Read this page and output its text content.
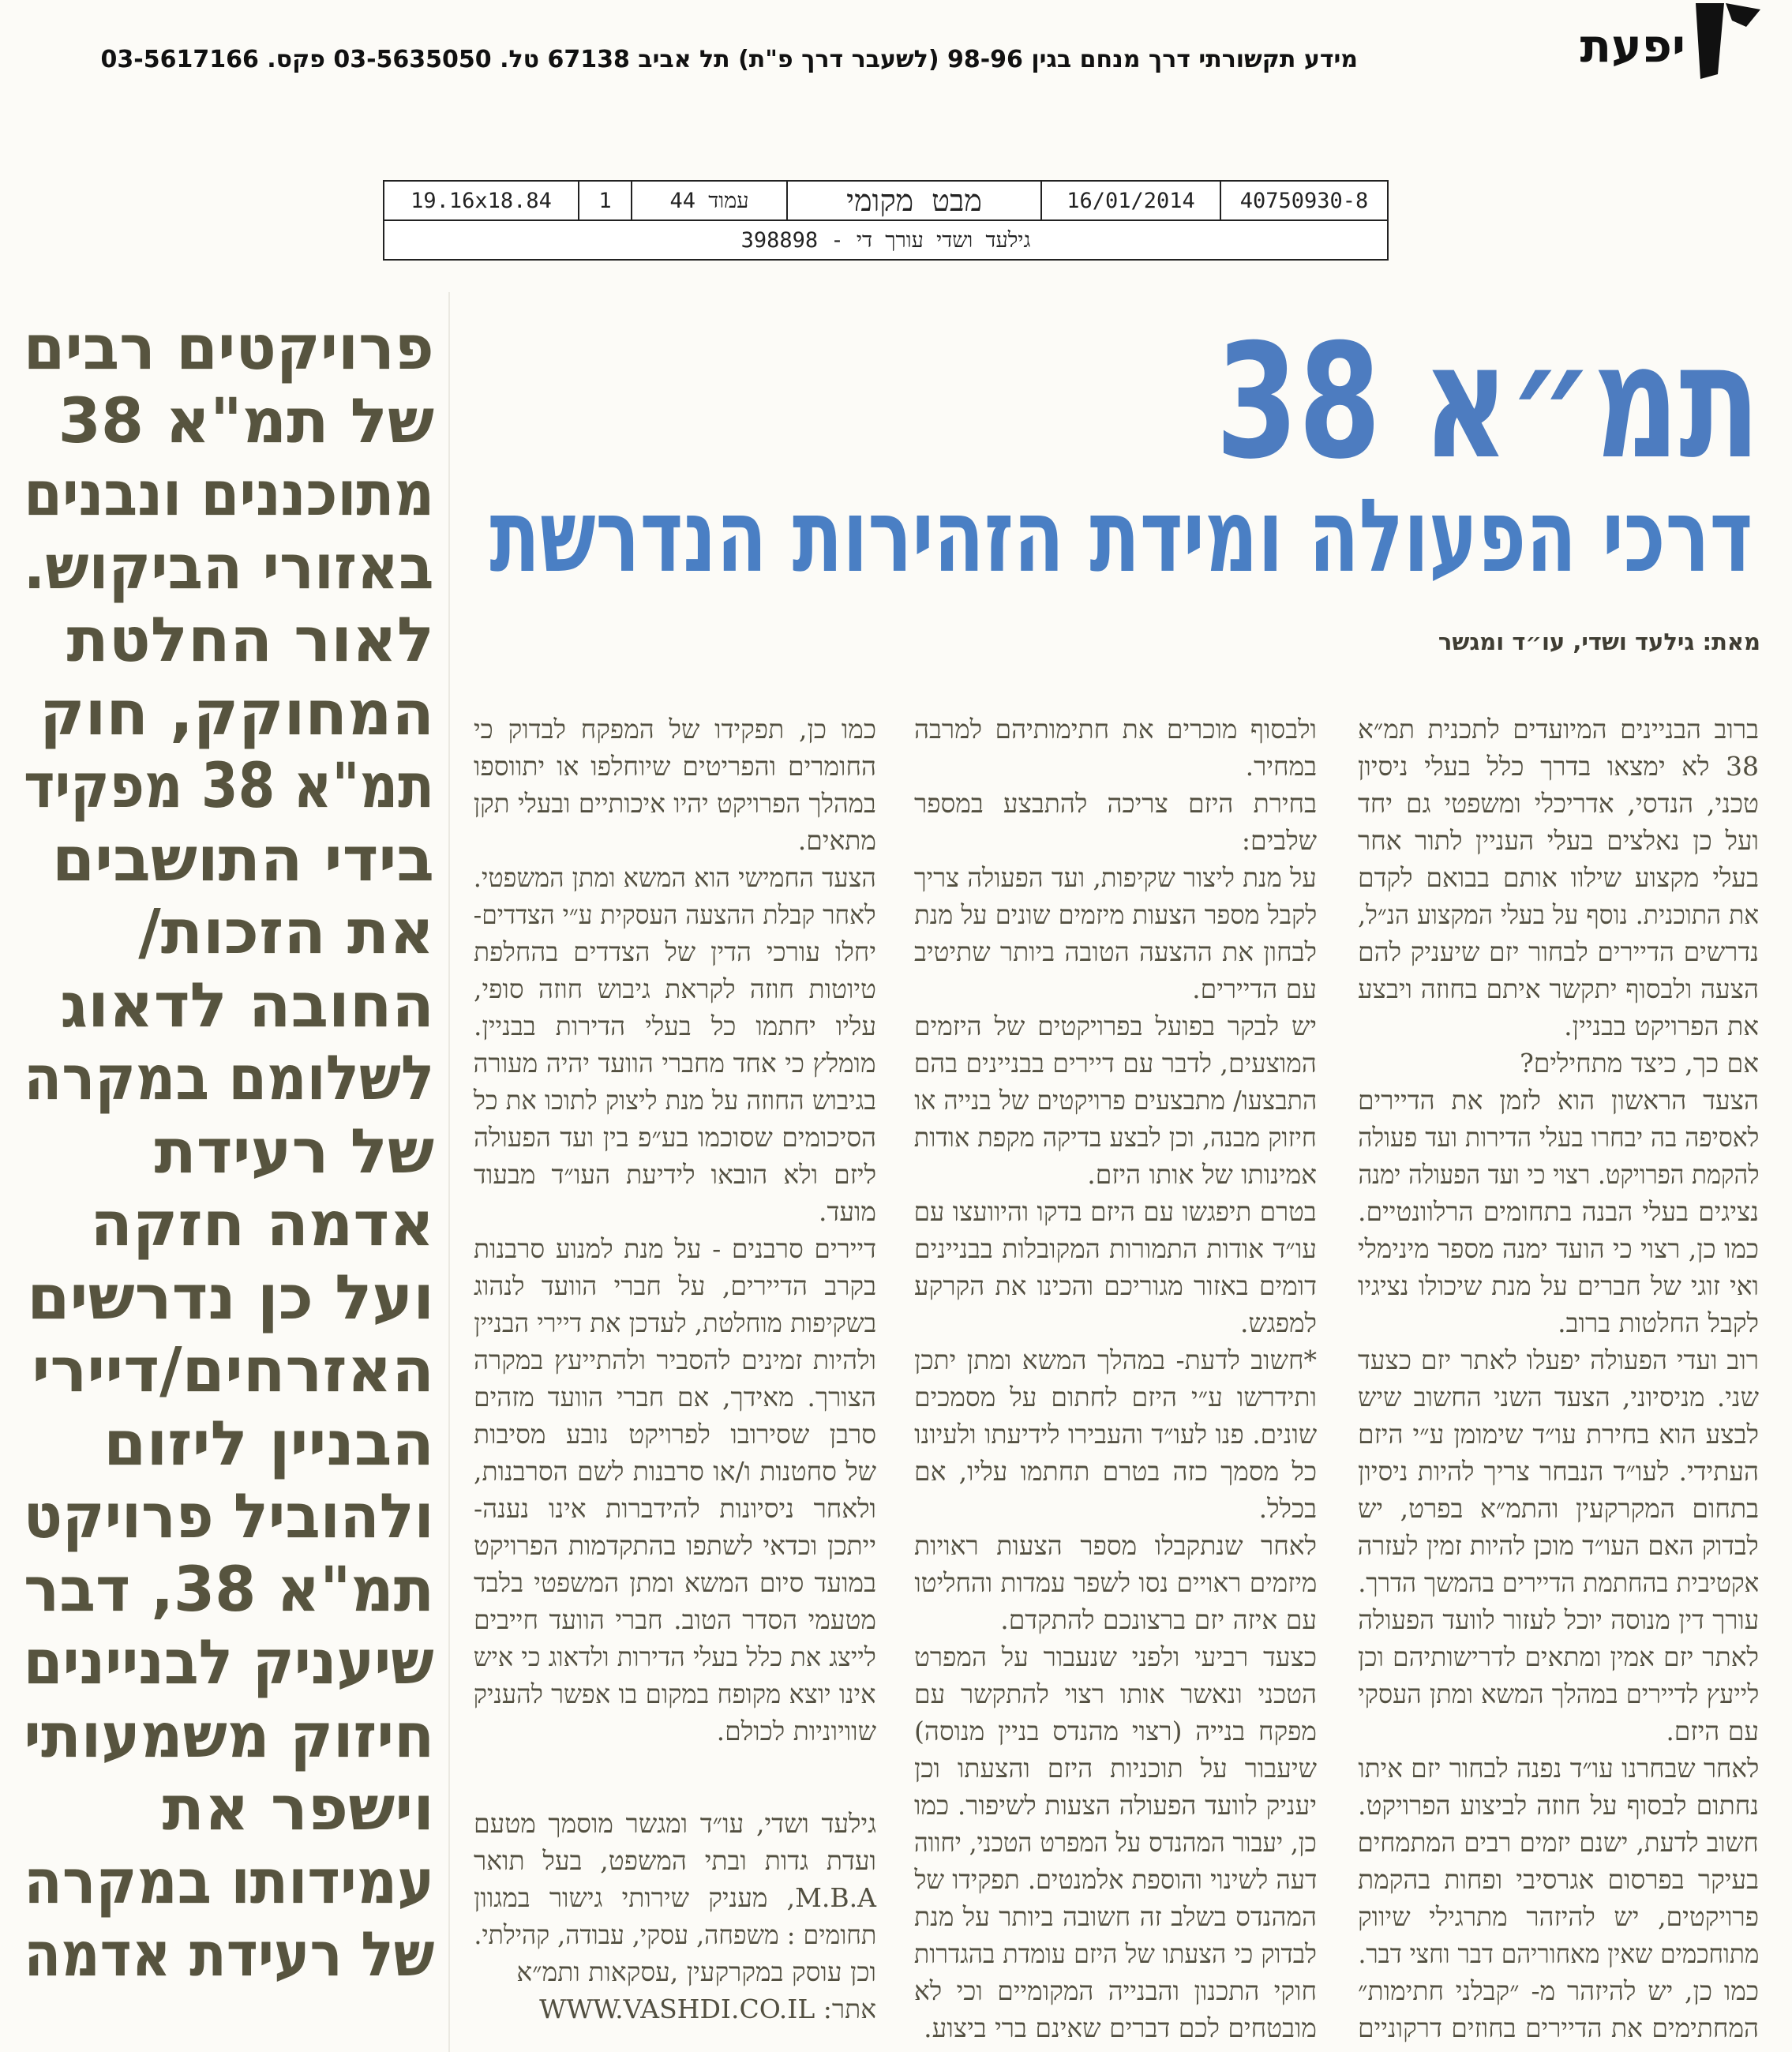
יפעת
מידע תקשורתי דרך מנחם בגין 98-96 (לשעבר דרך פ"ת) תל אביב 67138 טל. 03-5635050 פקס. 03-5617166
40750930-8
16/01/2014
מבט מקומי
עמוד 44
1
19.16x18.84
גילעד ושדי עורך די - 398898
פרויקטים רבים
של תמ"א 38
מתוכננים ונבנים
באזורי הביקוש.
לאור החלטת
המחוקק, חוק
תמ"א 38 מפקיד
בידי התושבים
את הזכות/
החובה לדאוג
לשלומם במקרה
של רעידת
אדמה חזקה
ועל כן נדרשים
האזרחים/דיירי
הבניין ליזום
ולהוביל פרויקט
תמ"א 38, דבר
שיעניק לבניינים
חיזוק משמעותי
וישפר את
עמידותו במקרה
של רעידת אדמה
תמ״א 38
דרכי הפעולה ומידת הזהירות הנדרשת
מאת: גילעד ושדי, עו״ד ומגשר
ברוב הבניינים המיועדים לתכנית תמ״א
38 לא ימצאו בדרך כלל בעלי ניסיון
טכני, הנדסי, אדריכלי ומשפטי גם יחד
ועל כן נאלצים בעלי העניין לתור אחר
בעלי מקצוע שילוו אותם בבואם לקדם
את התוכנית. נוסף על בעלי המקצוע הנ״ל,
נדרשים הדיירים לבחור יזם שיעניק להם
הצעה ולבסוף יתקשר איתם בחוזה ויבצע
את הפרויקט בבניין.
אם כך, כיצד מתחילים?
הצעד הראשון הוא לזמן את הדיירים
לאסיפה בה יבחרו בעלי הדירות ועד פעולה
להקמת הפרויקט. רצוי כי ועד הפעולה ימנה
נציגים בעלי הבנה בתחומים הרלוונטיים.
כמו כן, רצוי כי הועד ימנה מספר מינימלי
ואי זוגי של חברים על מנת שיכולו נציגיו
לקבל החלטות ברוב.
רוב ועדי הפעולה יפעלו לאתר יזם כצעד
שני. מניסיוני, הצעד השני החשוב שיש
לבצע הוא בחירת עו״ד שימומן ע״י היזם
העתידי. לעו״ד הנבחר צריך להיות ניסיון
בתחום המקרקעין והתמ״א בפרט, יש
לבדוק האם העו״ד מוכן להיות זמין לעזרה
אקטיבית בהחתמת הדיירים בהמשך הדרך.
עורך דין מנוסה יוכל לעזור לוועד הפעולה
לאתר יזם אמין ומתאים לדרישותיהם וכן
לייעץ לדיירים במהלך המשא ומתן העסקי
עם היזם.
לאחר שבחרנו עו״ד נפנה לבחור יזם איתו
נחתום לבסוף על חוזה לביצוע הפרויקט.
חשוב לדעת, ישנם יזמים רבים המתמחים
בעיקר בפרסום אגרסיבי ופחות בהקמת
פרויקטים, יש להיזהר מתרגילי שיווק
מתוחכמים שאין מאחוריהם דבר וחצי דבר.
כמו כן, יש להיזהר מ- ״קבלני חתימות״
המחתימים את הדיירים בחוזים דרקוניים
ולבסוף מוכרים את חתימותיהם למרבה
במחיר.
בחירת היזם צריכה להתבצע במספר
שלבים:
על מנת ליצור שקיפות, ועד הפעולה צריך
לקבל מספר הצעות מיזמים שונים על מנת
לבחון את ההצעה הטובה ביותר שתיטיב
עם הדיירים.
יש לבקר בפועל בפרויקטים של היזמים
המוצעים, לדבר עם דיירים בבניינים בהם
התבצעו/ מתבצעים פרויקטים של בנייה או
חיזוק מבנה, וכן לבצע בדיקה מקפת אודות
אמינותו של אותו היזם.
בטרם תיפגשו עם היזם בדקו והיוועצו עם
עו״ד אודות התמורות המקובלות בבניינים
דומים באזור מגוריכם והכינו את הקרקע
למפגש.
*חשוב לדעת- במהלך המשא ומתן יתכן
ותידרשו ע״י היזם לחתום על מסמכים
שונים. פנו לעו״ד והעבירו לידיעתו ולעיונו
כל מסמך כזה בטרם תחתמו עליו, אם
בכלל.
לאחר שנתקבלו מספר הצעות ראויות
מיזמים ראויים נסו לשפר עמדות והחליטו
עם איזה יזם ברצונכם להתקדם.
כצעד רביעי ולפני שנעבור על המפרט
הטכני ונאשר אותו רצוי להתקשר עם
מפקח בנייה (רצוי מהנדס בניין מנוסה)
שיעבור על תוכניות היזם והצעתו וכן
יעניק לוועד הפעולה הצעות לשיפור. כמו
כן, יעבור המהנדס על המפרט הטכני, יחווה
דעה לשינוי והוספת אלמנטים. תפקידו של
המהנדס בשלב זה חשובה ביותר על מנת
לבדוק כי הצעתו של היזם עומדת בהגדרות
חוקי התכנון והבנייה המקומיים וכי לא
מובטחים לכם דברים שאינם ברי ביצוע.
כמו כן, תפקידו של המפקח לבדוק כי
החומרים והפריטים שיוחלפו או יתווספו
במהלך הפרויקט יהיו איכותיים ובעלי תקן
מתאים.
הצעד החמישי הוא המשא ומתן המשפטי.
לאחר קבלת ההצעה העסקית ע״י הצדדים-
יחלו עורכי הדין של הצדדים בהחלפת
טיוטות חוזה לקראת גיבוש חוזה סופי,
עליו יחתמו כל בעלי הדירות בבניין.
מומלץ כי אחד מחברי הוועד יהיה מעורה
בגיבוש החוזה על מנת ליצוק לתוכו את כל
הסיכומים שסוכמו בע״פ בין ועד הפעולה
ליזם ולא הובאו לידיעת העו״ד מבעוד
מועד.
דיירים סרבנים - על מנת למנוע סרבנות
בקרב הדיירים, על חברי הוועד לנהוג
בשקיפות מוחלטת, לעדכן את דיירי הבניין
ולהיות זמינים להסביר ולהתייעץ במקרה
הצורך. מאידך, אם חברי הוועד מזהים
סרבן שסירובו לפרויקט נובע מסיבות
של סחטנות ו/או סרבנות לשם הסרבנות,
ולאחר ניסיונות להידברות אינו נענה-
ייתכן וכדאי לשתפו בהתקדמות הפרויקט
במועד סיום המשא ומתן המשפטי בלבד
מטעמי הסדר הטוב. חברי הוועד חייבים
לייצג את כלל בעלי הדירות ולדאוג כי איש
אינו יוצא מקופח במקום בו אפשר להעניק
שוויוניות לכולם.
גילעד ושדי, עו״ד ומגשר מוסמך מטעם
ועדת גדות ובתי המשפט, בעל תואר
M.B.A, מעניק שירותי גישור במגוון
תחומים : משפחה, עסקי, עבודה, קהילתי.
וכן עוסק במקרקעין ,עסקאות ותמ״א
אתר: WWW.VASHDI.CO.IL
